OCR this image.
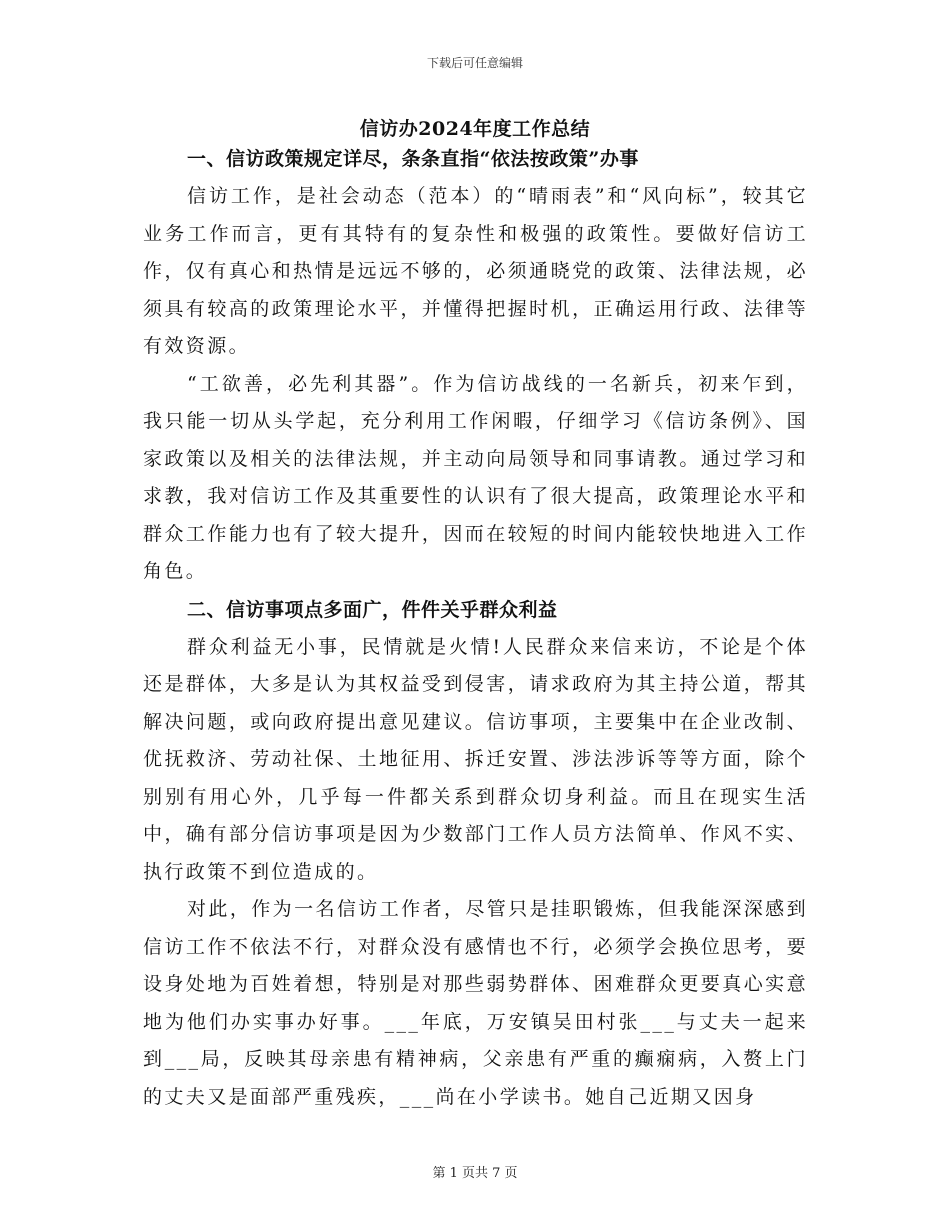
下载后可任意编辑
信访办2024年度工作总结

一、信访政策规定详尽，条条直指“依法按政策”办事

信访工作，是社会动态（范本）的“晴雨表”和“风向标”，较其它业务工作而言，更有其特有的复杂性和极强的政策性。要做好信访工作，仅有真心和热情是远远不够的，必须通晓党的政策、法律法规，必须具有较高的政策理论水平，并懂得把握时机，正确运用行政、法律等有效资源。

“工欲善，必先利其器”。作为信访战线的一名新兵，初来乍到，我只能一切从头学起，充分利用工作闲暇，仔细学习《信访条例》、国家政策以及相关的法律法规，并主动向局领导和同事请教。通过学习和求教，我对信访工作及其重要性的认识有了很大提高，政策理论水平和群众工作能力也有了较大提升，因而在较短的时间内能较快地进入工作角色。

二、信访事项点多面广，件件关乎群众利益

群众利益无小事，民情就是火情!人民群众来信来访，不论是个体还是群体，大多是认为其权益受到侵害，请求政府为其主持公道，帮其解决问题，或向政府提出意见建议。信访事项，主要集中在企业改制、优抚救济、劳动社保、土地征用、拆迁安置、涉法涉诉等等方面，除个别别有用心外，几乎每一件都关系到群众切身利益。而且在现实生活中，确有部分信访事项是因为少数部门工作人员方法简单、作风不实、执行政策不到位造成的。

对此，作为一名信访工作者，尽管只是挂职锻炼，但我能深深感到信访工作不依法不行，对群众没有感情也不行，必须学会换位思考，要设身处地为百姓着想，特别是对那些弱势群体、困难群众更要真心实意地为他们办实事办好事。___年底，万安镇吴田村张___与丈夫一起来到___局，反映其母亲患有精神病，父亲患有严重的癫痫病，入赘上门的丈夫又是面部严重残疾，___尚在小学读书。她自己近期又因身

第 1 页共 7 页
